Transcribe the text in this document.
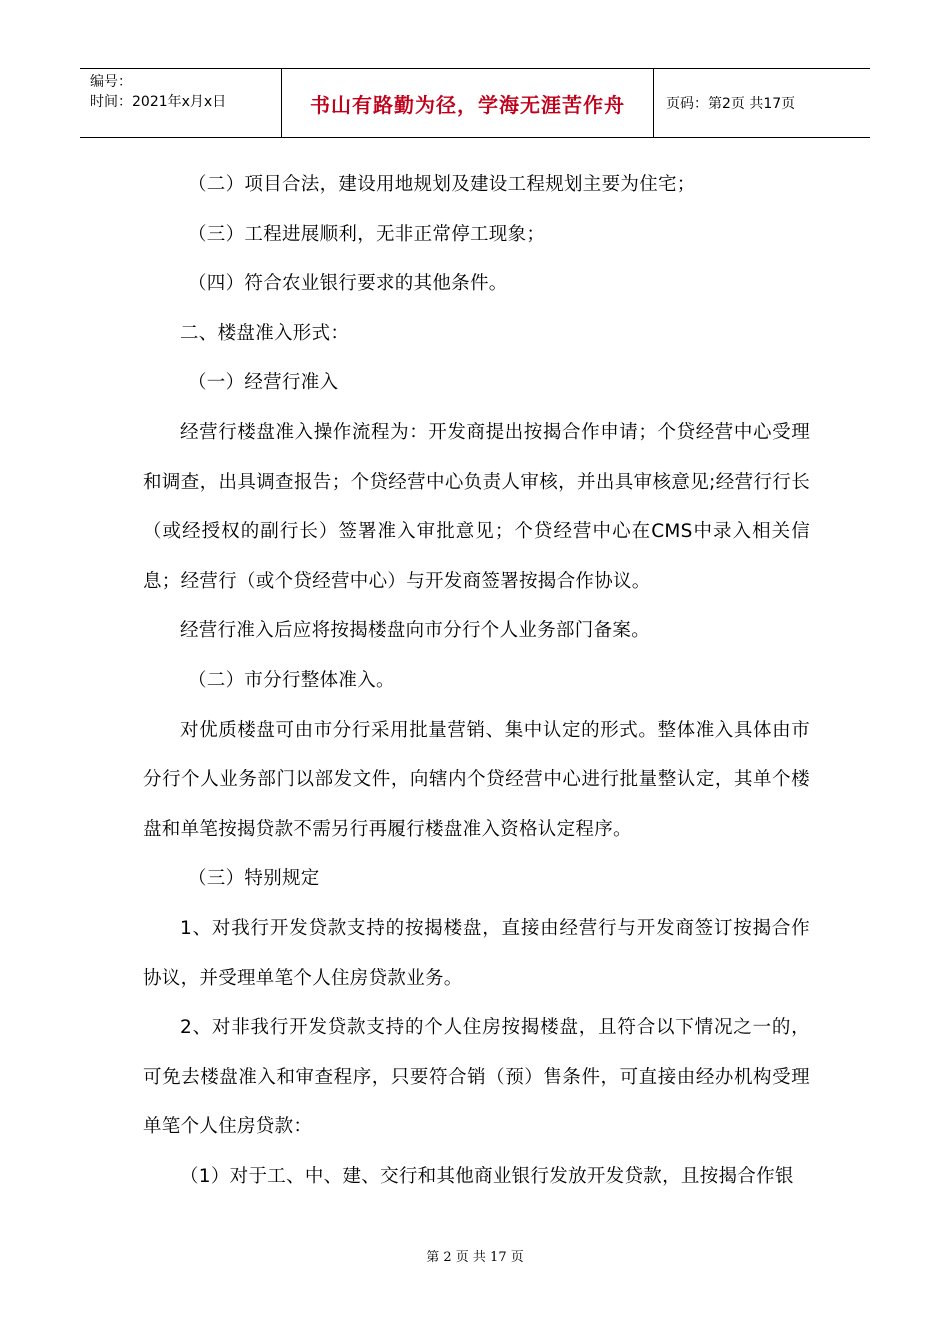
编号：
时间：2021年x月x日	书山有路勤为径，学海无涯苦作舟	页码：第2页 共17页

（二）项目合法，建设用地规划及建设工程规划主要为住宅；

（三）工程进展顺利，无非正常停工现象；

（四）符合农业银行要求的其他条件。

二、楼盘准入形式：

（一）经营行准入

经营行楼盘准入操作流程为：开发商提出按揭合作申请；个贷经营中心受理和调查，出具调查报告；个贷经营中心负责人审核，并出具审核意见;经营行行长（或经授权的副行长）签署准入审批意见；个贷经营中心在CMS中录入相关信息；经营行（或个贷经营中心）与开发商签署按揭合作协议。

经营行准入后应将按揭楼盘向市分行个人业务部门备案。

（二）市分行整体准入。

对优质楼盘可由市分行采用批量营销、集中认定的形式。整体准入具体由市分行个人业务部门以部发文件，向辖内个贷经营中心进行批量整认定，其单个楼盘和单笔按揭贷款不需另行再履行楼盘准入资格认定程序。

（三）特别规定

1、对我行开发贷款支持的按揭楼盘，直接由经营行与开发商签订按揭合作协议，并受理单笔个人住房贷款业务。

2、对非我行开发贷款支持的个人住房按揭楼盘，且符合以下情况之一的，可免去楼盘准入和审查程序，只要符合销（预）售条件，可直接由经办机构受理单笔个人住房贷款：

（1）对于工、中、建、交行和其他商业银行发放开发贷款，且按揭合作银

第 2 页 共 17 页
